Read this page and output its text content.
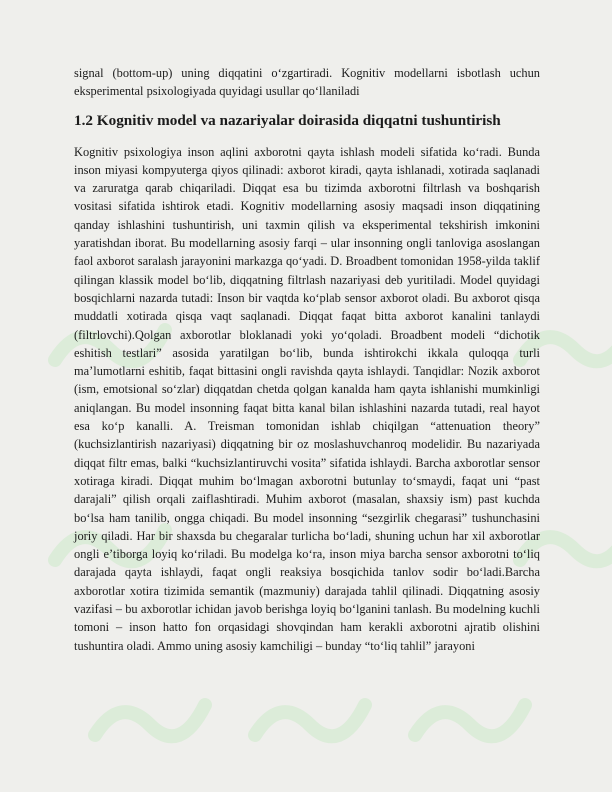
signal (bottom-up) uning diqqatini o‘zgartiradi. Kognitiv modellarni isbotlash uchun eksperimental psixologiyada quyidagi usullar qo‘llaniladi

1.2 Kognitiv model va nazariyalar doirasida diqqatni tushuntirish

Kognitiv psixologiya inson aqlini axborotni qayta ishlash modeli sifatida ko‘radi. Bunda inson miyasi kompyuterga qiyos qilinadi: axborot kiradi, qayta ishlanadi, xotirada saqlanadi va zaruratga qarab chiqariladi. Diqqat esa bu tizimda axborotni filtrlash va boshqarish vositasi sifatida ishtirok etadi. Kognitiv modellarning asosiy maqsadi inson diqqatining qanday ishlashini tushuntirish, uni taxmin qilish va eksperimental tekshirish imkonini yaratishdan iborat. Bu modellarning asosiy farqi – ular insonning ongli tanloviga asoslangan faol axborot saralash jarayonini markazga qo‘yadi. D. Broadbent tomonidan 1958-yilda taklif qilingan klassik model bo‘lib, diqqatning filtrlash nazariyasi deb yuritiladi. Model quyidagi bosqichlarni nazarda tutadi: Inson bir vaqtda ko‘plab sensor axborot oladi. Bu axborot qisqa muddatli xotirada qisqa vaqt saqlanadi. Diqqat faqat bitta axborot kanalini tanlaydi (filtrlovchi).Qolgan axborotlar bloklanadi yoki yo‘qoladi. Broadbent modeli “dichotik eshitish testlari” asosida yaratilgan bo‘lib, bunda ishtirokchi ikkala quloqqa turli ma’lumotlarni eshitib, faqat bittasini ongli ravishda qayta ishlaydi. Tanqidlar: Nozik axborot (ism, emotsional so‘zlar) diqqatdan chetda qolgan kanalda ham qayta ishlanishi mumkinligi aniqlangan. Bu model insonning faqat bitta kanal bilan ishlashini nazarda tutadi, real hayot esa ko‘p kanalli. A. Treisman tomonidan ishlab chiqilgan “attenuation theory” (kuchsizlantirish nazariyasi) diqqatning bir oz moslashuvchanroq modelidir. Bu nazariyada diqqat filtr emas, balki “kuchsizlantiruvchi vosita” sifatida ishlaydi. Barcha axborotlar sensor xotiraga kiradi. Diqqat muhim bo‘lmagan axborotni butunlay to‘smaydi, faqat uni “past darajali” qilish orqali zaiflashtiradi. Muhim axborot (masalan, shaxsiy ism) past kuchda bo‘lsa ham tanilib, ongga chiqadi. Bu model insonning “sezgirlik chegarasi” tushunchasini joriy qiladi. Har bir shaxsda bu chegaralar turlicha bo‘ladi, shuning uchun har xil axborotlar ongli e’tiborga loyiq ko‘riladi. Bu modelga ko‘ra, inson miya barcha sensor axborotni to‘liq darajada qayta ishlaydi, faqat ongli reaksiya bosqichida tanlov sodir bo‘ladi.Barcha axborotlar xotira tizimida semantik (mazmuniy) darajada tahlil qilinadi. Diqqatning asosiy vazifasi – bu axborotlar ichidan javob berishga loyiq bo‘lganini tanlash. Bu modelning kuchli tomoni – inson hatto fon orqasidagi shovqindan ham kerakli axborotni ajratib olishini tushuntira oladi. Ammo uning asosiy kamchiligi – bunday “to‘liq tahlil” jarayoni
